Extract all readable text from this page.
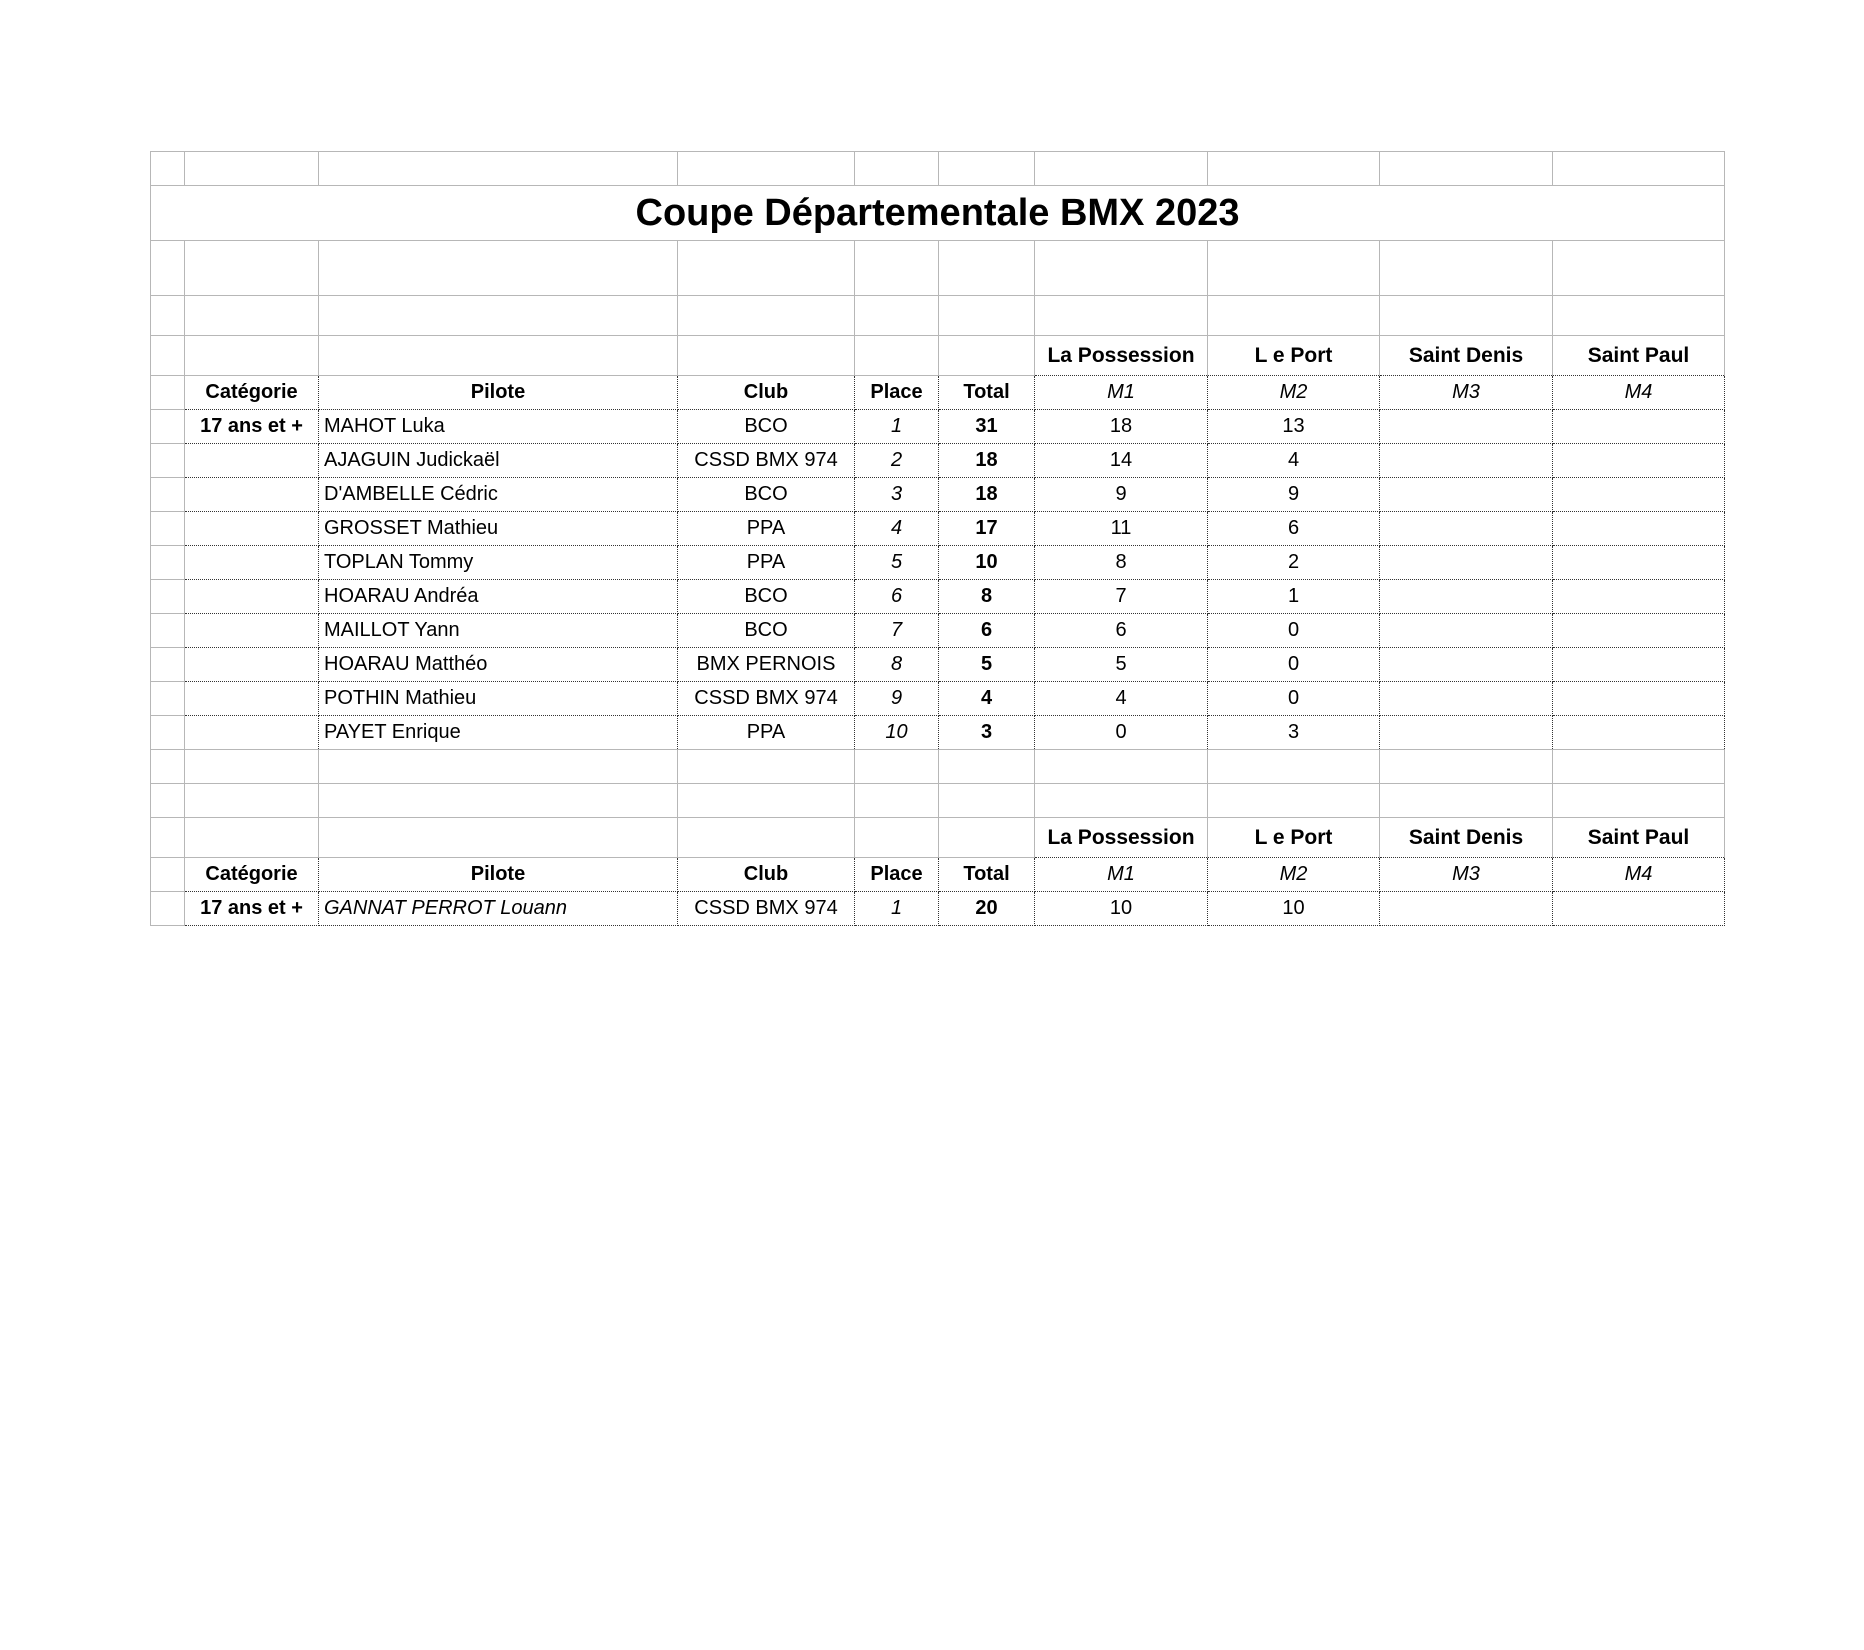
Coupe Départementale BMX 2023									

						La Possession	L e Port	Saint Denis	Saint Paul
	Catégorie	Pilote	Club	Place	Total	M1	M2	M3	M4
	17 ans et +	MAHOT Luka	BCO	1	31	18	13		
		AJAGUIN Judickaël	CSSD BMX 974	2	18	14	4		
		D'AMBELLE Cédric	BCO	3	18	9	9		
		GROSSET Mathieu	PPA	4	17	11	6		
		TOPLAN Tommy	PPA	5	10	8	2		
		HOARAU Andréa	BCO	6	8	7	1		
		MAILLOT Yann	BCO	7	6	6	0		
		HOARAU Matthéo	BMX PERNOIS	8	5	5	0		
		POTHIN Mathieu	CSSD BMX 974	9	4	4	0		
		PAYET Enrique	PPA	10	3	0	3		

						La Possession	L e Port	Saint Denis	Saint Paul
	Catégorie	Pilote	Club	Place	Total	M1	M2	M3	M4
	17 ans et +	GANNAT PERROT Louann	CSSD BMX 974	1	20	10	10		
